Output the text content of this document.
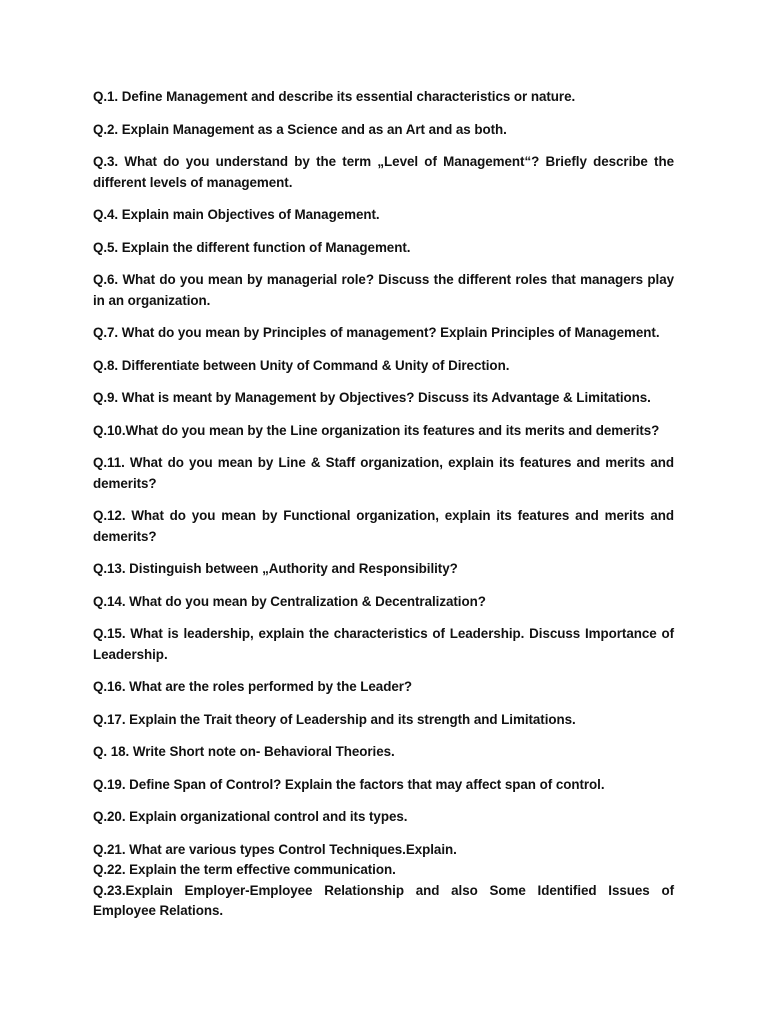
Q.1. Define Management and describe its essential characteristics or nature.

Q.2. Explain Management as a Science and as an Art and as both.

Q.3. What do you understand by the term „Level of Management“? Briefly describe the different levels of management.

Q.4. Explain main Objectives of Management.

Q.5. Explain the different function of Management.

Q.6. What do you mean by managerial role? Discuss the different roles that managers play in an organization.

Q.7. What do you mean by Principles of management? Explain Principles of Management.

Q.8. Differentiate between Unity of Command & Unity of Direction.

Q.9. What is meant by Management by Objectives? Discuss its Advantage & Limitations.

Q.10.What do you mean by the Line organization its features and its merits and demerits?

Q.11. What do you mean by Line & Staff organization, explain its features and merits and demerits?

Q.12. What do you mean by Functional organization, explain its features and merits and demerits?

Q.13. Distinguish between „Authority and Responsibility?

Q.14. What do you mean by Centralization & Decentralization?

Q.15. What is leadership, explain the characteristics of Leadership. Discuss Importance of Leadership.

Q.16. What are the roles performed by the Leader?

Q.17. Explain the Trait theory of Leadership and its strength and Limitations.

Q. 18. Write Short note on- Behavioral Theories.

Q.19. Define Span of Control? Explain the factors that may affect span of control.

Q.20. Explain organizational control and its types.

Q.21. What are various types Control Techniques.Explain.

Q.22. Explain the term effective communication.

Q.23.Explain Employer-Employee Relationship and also Some Identified Issues of Employee Relations.
